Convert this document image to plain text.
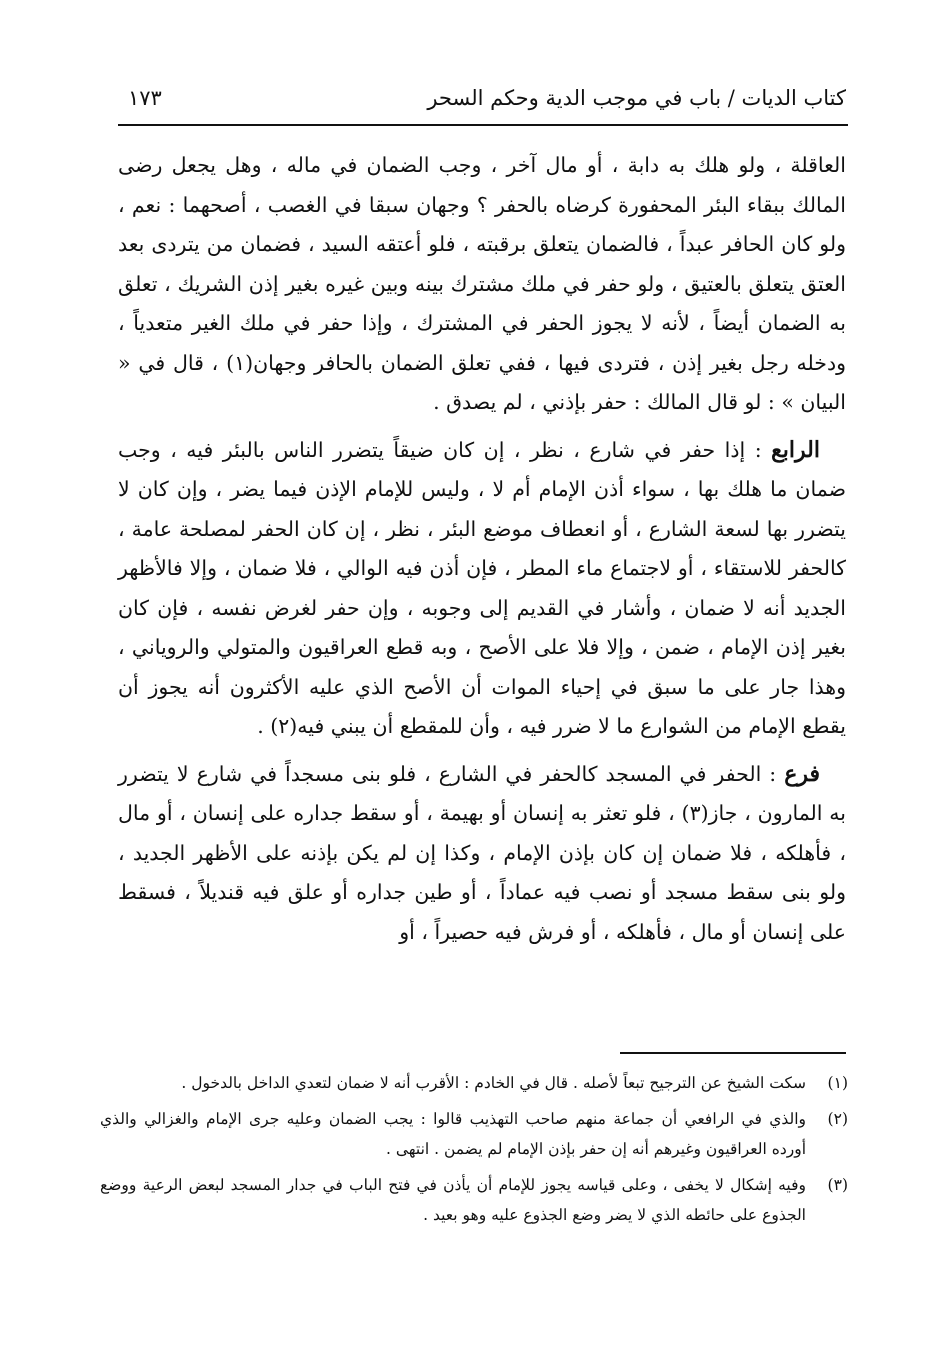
كتاب الديات / باب في موجب الدية وحكم السحر
١٧٣

العاقلة ، ولو هلك به دابة ، أو مال آخر ، وجب الضمان في ماله ، وهل يجعل رضى المالك ببقاء البئر المحفورة كرضاه بالحفر ؟ وجهان سبقا في الغصب ، أصحهما : نعم ، ولو كان الحافر عبداً ، فالضمان يتعلق برقبته ، فلو أعتقه السيد ، فضمان من يتردى بعد العتق يتعلق بالعتيق ، ولو حفر في ملك مشترك بينه وبين غيره بغير إذن الشريك ، تعلق به الضمان أيضاً ، لأنه لا يجوز الحفر في المشترك ، وإذا حفر في ملك الغير متعدياً ، ودخله رجل بغير إذن ، فتردى فيها ، ففي تعلق الضمان بالحافر وجهان(١) ، قال في « البيان » : لو قال المالك : حفر بإذني ، لم يصدق .

الرابع : إذا حفر في شارع ، نظر ، إن كان ضيقاً يتضرر الناس بالبئر فيه ، وجب ضمان ما هلك بها ، سواء أذن الإمام أم لا ، وليس للإمام الإذن فيما يضر ، وإن كان لا يتضرر بها لسعة الشارع ، أو انعطاف موضع البئر ، نظر ، إن كان الحفر لمصلحة عامة ، كالحفر للاستقاء ، أو لاجتماع ماء المطر ، فإن أذن فيه الوالي ، فلا ضمان ، وإلا فالأظهر الجديد أنه لا ضمان ، وأشار في القديم إلى وجوبه ، وإن حفر لغرض نفسه ، فإن كان بغير إذن الإمام ، ضمن ، وإلا فلا على الأصح ، وبه قطع العراقيون والمتولي والروياني ، وهذا جار على ما سبق في إحياء الموات أن الأصح الذي عليه الأكثرون أنه يجوز أن يقطع الإمام من الشوارع ما لا ضرر فيه ، وأن للمقطع أن يبني فيه(٢) .

فرع : الحفر في المسجد كالحفر في الشارع ، فلو بنى مسجداً في شارع لا يتضرر به المارون ، جاز(٣) ، فلو تعثر به إنسان أو بهيمة ، أو سقط جداره على إنسان ، أو مال ، فأهلكه ، فلا ضمان إن كان بإذن الإمام ، وكذا إن لم يكن بإذنه على الأظهر الجديد ، ولو بنى سقط مسجد أو نصب فيه عماداً ، أو طين جداره أو علق فيه قنديلاً ، فسقط على إنسان أو مال ، فأهلكه ، أو فرش فيه حصيراً ، أو

(١)
سكت الشيخ عن الترجيح تبعاً لأصله . قال في الخادم : الأقرب أنه لا ضمان لتعدي الداخل بالدخول .
(٢)
والذي في الرافعي أن جماعة منهم صاحب التهذيب قالوا : يجب الضمان وعليه جرى الإمام والغزالي والذي أورده العراقيون وغيرهم أنه إن حفر بإذن الإمام لم يضمن . انتهى .
(٣)
وفيه إشكال لا يخفى ، وعلى قياسه يجوز للإمام أن يأذن في فتح الباب في جدار المسجد لبعض الرعية ووضع الجذوع على حائطه الذي لا يضر وضع الجذوع عليه وهو بعيد .
